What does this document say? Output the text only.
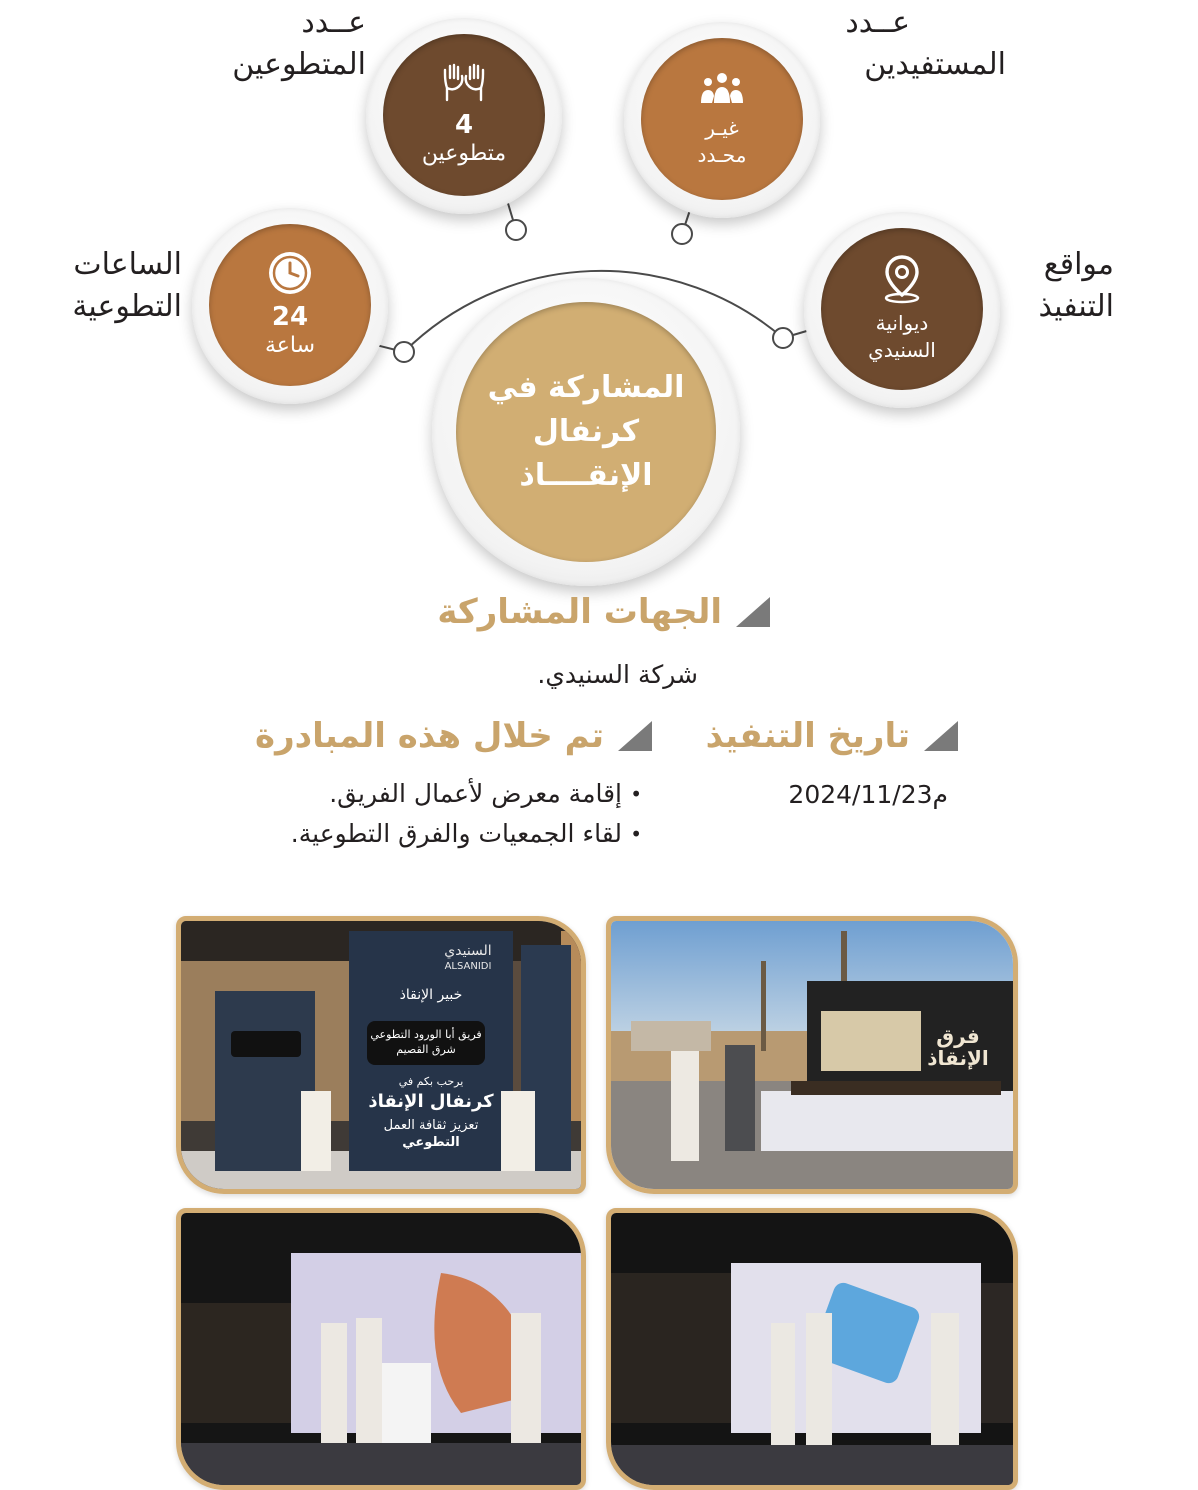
4
متطوعين
عــدد
المتطوعين
غيـر
محـدد
عــدد
المستفيدين
24
ساعة
الساعات
التطوعية	ديوانية
السنيدي
مواقع
التنفيذ
المشاركة في كرنفال
الإنقــــاذ
الجهات المشاركة
شركة السنيدي.
تاريخ التنفيذ
2024/11/23م
تم خلال هذه المبادرة
• إقامة معرض لأعمال الفريق.
• لقاء الجمعيات والفرق التطوعية.
السنيدي
ALSANIDI
خبير الإنقاذ
فريق أبا الورود التطوعي
شرق القصيم
يرحب بكم في
كرنفال الإنقاذ
تعزيز ثقافة العمل
التطوعي
فرق
الإنقاذ
